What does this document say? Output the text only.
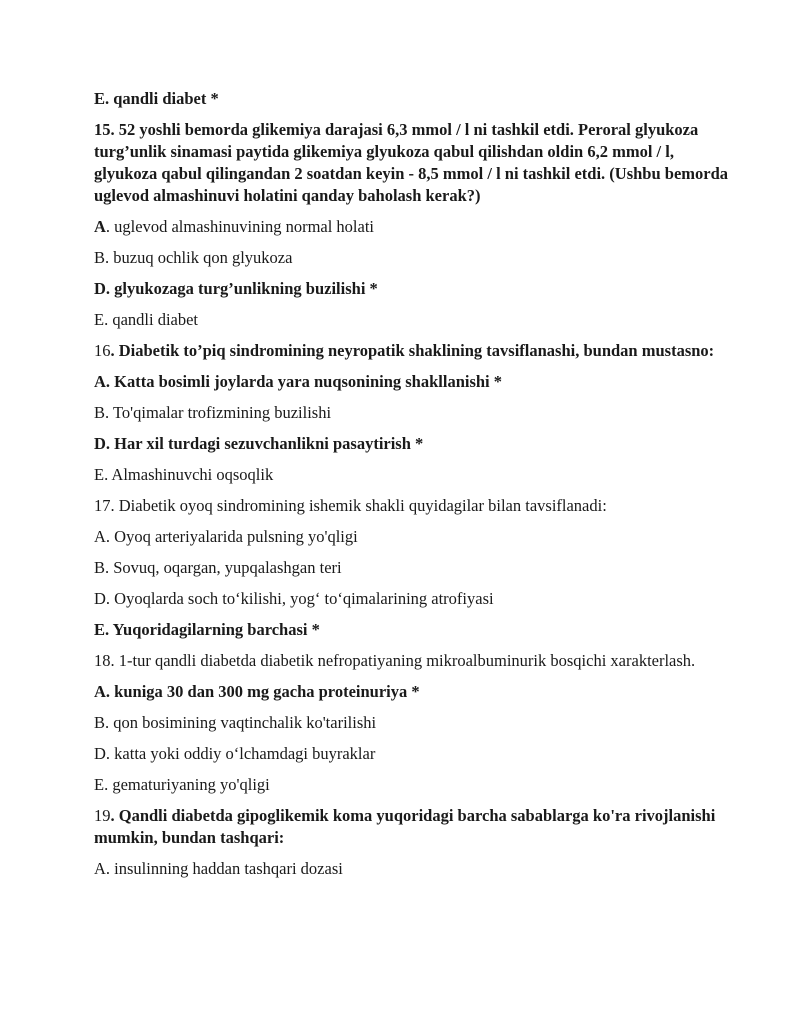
E. qandli diabet *

15. 52 yoshli bemorda glikemiya darajasi 6,3 mmol / l ni tashkil etdi. Peroral glyukoza turg’unlik sinamasi paytida glikemiya glyukoza qabul qilishdan oldin 6,2 mmol / l, glyukoza qabul qilingandan 2 soatdan keyin - 8,5 mmol / l ni tashkil etdi. (Ushbu bemorda uglevod almashinuvi holatini qanday baholash kerak?)

A. uglevod almashinuvining normal holati

B. buzuq ochlik qon glyukoza

D. glyukozaga turg’unlikning buzilishi *

E. qandli diabet

16. Diabetik to’piq sindromining neyropatik shaklining tavsiflanashi, bundan mustasno:

A. Katta bosimli joylarda yara nuqsonining shakllanishi *

B. To'qimalar trofizmining buzilishi

D. Har xil turdagi sezuvchanlikni pasaytirish *

E. Almashinuvchi oqsoqlik

17. Diabetik oyoq sindromining ishemik shakli quyidagilar bilan tavsiflanadi:

A. Oyoq arteriyalarida pulsning yo'qligi

B. Sovuq, oqargan, yupqalashgan teri

D. Oyoqlarda soch to‘kilishi, yog‘ to‘qimalarining atrofiyasi

E. Yuqoridagilarning barchasi *

18. 1-tur qandli diabetda diabetik nefropatiyaning mikroalbuminurik bosqichi xarakterlash.

A. kuniga 30 dan 300 mg gacha proteinuriya *

B. qon bosimining vaqtinchalik ko'tarilishi

D. katta yoki oddiy o‘lchamdagi buyraklar

E. gematuriyaning yo'qligi

19. Qandli diabetda gipoglikemik koma yuqoridagi barcha sabablarga ko'ra rivojlanishi mumkin, bundan tashqari:

A. insulinning haddan tashqari dozasi
